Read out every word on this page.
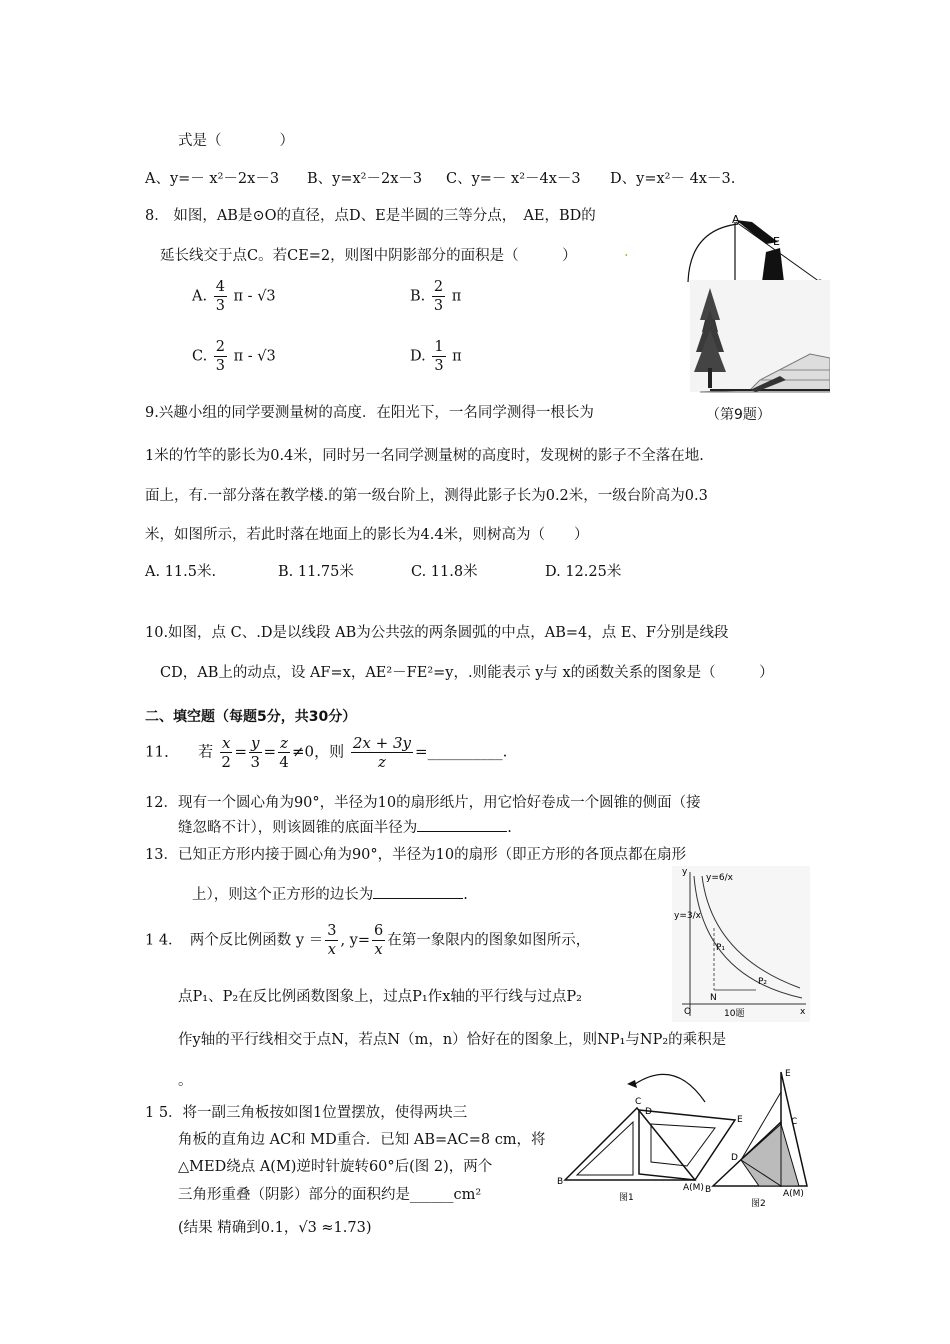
式是（　　　　）
A、y=－ x²－2x－3 B、y=x²－2x－3 C、y=－ x²－4x－3 D、y=x²－ 4x－3.
8.　如图，AB是⊙O的直径，点D、E是半圆的三等分点，　AE，BD的
延长线交于点C。若CE=2，则图中阴影部分的面积是（　　　）	.
A. $\frac{4}{3}$ π - √3	B. $\frac{2}{3}$ π
C. $\frac{2}{3}$ π - √3	D. $\frac{1}{3}$ π
A
E
（第9题）
9.兴趣小组的同学要测量树的高度．在阳光下，一名同学测得一根长为
1米的竹竿的影长为0.4米，同时另一名同学测量树的高度时，发现树的影子不全落在地.
面上，有.一部分落在教学楼.的第一级台阶上，测得此影子长为0.2米，一级台阶高为0.3
米，如图所示，若此时落在地面上的影长为4.4米，则树高为（　　）
A. 11.5米.	B. 11.75米	C. 11.8米	D. 12.25米
10.如图，点 C、.D是以线段 AB为公共弦的两条圆弧的中点，AB=4，点 E、F分别是线段
CD，AB上的动点，设 AF=x，AE²－FE²=y，.则能表示 y与 x的函数关系的图象是（　　　）
二、填空题（每题5分，共30分）
11． 若 $\frac{x}{2} = \frac{y}{3} = \frac{z}{4} \ne 0$，则 $\frac{2x + 3y}{z}$ =__________.
12．现有一个圆心角为90°，半径为10的扇形纸片，用它恰好卷成一个圆锥的侧面（接
缝忽略不计），则该圆锥的底面半径为	.
13．已知正方形内接于圆心角为90°，半径为10的扇形（即正方形的各顶点都在扇形
上），则这个正方形的边长为	.
y=6/x
y=3/x
P₁
P₂
N
O	x
y
10题
1 4．　两个反比例函数 $y = \frac{3}{x}$ , $y= \frac{6}{x}$ 在第一象限内的图象如图所示，
点P₁、P₂在反比例函数图象上，过点P₁作x轴的平行线与过点P₂
作y轴的平行线相交于点N，若点N（m，n）恰好在的图象上，则NP₁与NP₂的乘积是
。
1 5．将一副三角板按如图1位置摆放，使得两块三
角板的直角边 AC和 MD重合．已知 AB=AC=8 cm，将
△MED绕点 A(M)逆时针旋转60°后(图 2)，两个
三角形重叠（阴影）部分的面积约是______cm²
(结果 精确到0.1，√3 ≈1.73)
C
D
E
B
A(M)
图1
E
C
D
B	A(M)
图2
